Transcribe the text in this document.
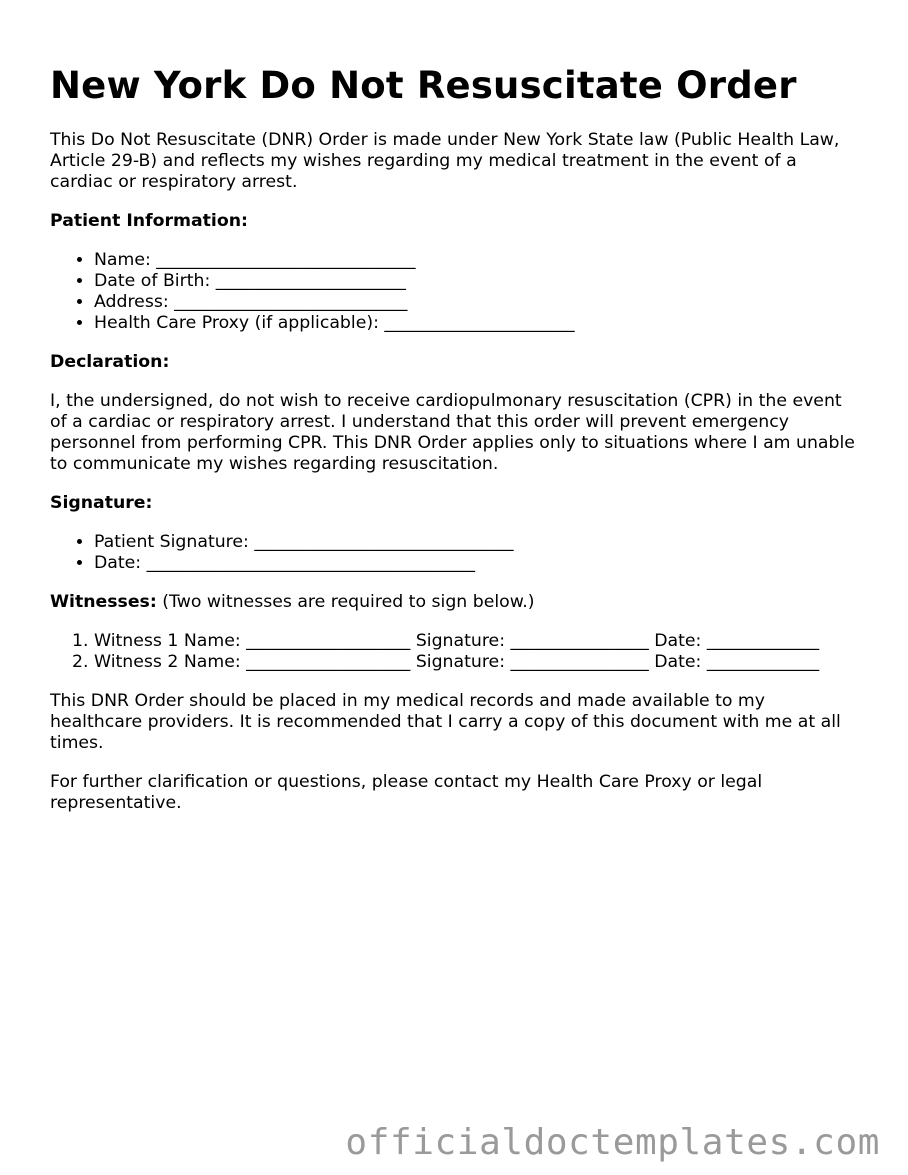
New York Do Not Resuscitate Order

This Do Not Resuscitate (DNR) Order is made under New York State law (Public Health Law, Article 29-B) and reflects my wishes regarding my medical treatment in the event of a cardiac or respiratory arrest.

Patient Information:

• Name: ______________________________
• Date of Birth: ______________________
• Address: ___________________________
• Health Care Proxy (if applicable): ______________________

Declaration:

I, the undersigned, do not wish to receive cardiopulmonary resuscitation (CPR) in the event of a cardiac or respiratory arrest. I understand that this order will prevent emergency personnel from performing CPR. This DNR Order applies only to situations where I am unable to communicate my wishes regarding resuscitation.

Signature:

• Patient Signature: ______________________________
• Date: ______________________________________

Witnesses: (Two witnesses are required to sign below.)

1. Witness 1 Name: ___________________ Signature: ________________ Date: _____________
2. Witness 2 Name: ___________________ Signature: ________________ Date: _____________

This DNR Order should be placed in my medical records and made available to my healthcare providers. It is recommended that I carry a copy of this document with me at all times.

For further clarification or questions, please contact my Health Care Proxy or legal representative.

officialdoctemplates.com
